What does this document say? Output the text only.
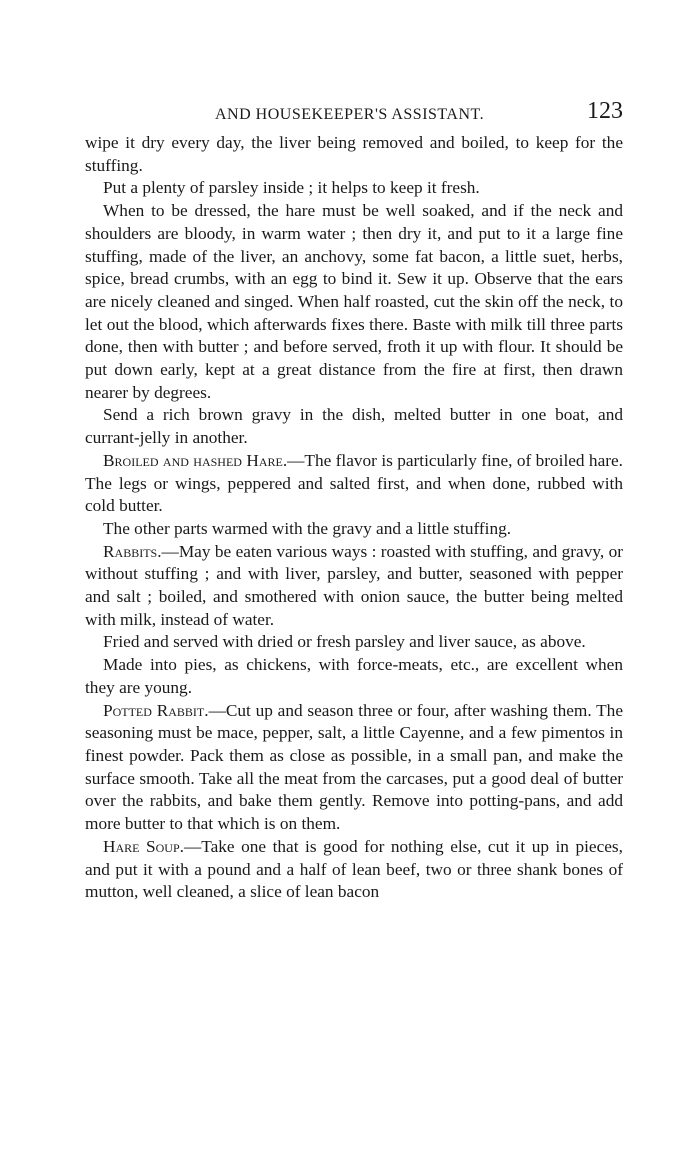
AND HOUSEKEEPER'S ASSISTANT.	123

wipe it dry every day, the liver being removed and boiled, to keep for the stuffing.

Put a plenty of parsley inside ; it helps to keep it fresh.

When to be dressed, the hare must be well soaked, and if the neck and shoulders are bloody, in warm water ; then dry it, and put to it a large fine stuffing, made of the liver, an anchovy, some fat bacon, a little suet, herbs, spice, bread crumbs, with an egg to bind it. Sew it up. Observe that the ears are nicely cleaned and singed. When half roasted, cut the skin off the neck, to let out the blood, which afterwards fixes there. Baste with milk till three parts done, then with butter ; and before served, froth it up with flour. It should be put down early, kept at a great distance from the fire at first, then drawn nearer by degrees.

Send a rich brown gravy in the dish, melted butter in one boat, and currant-jelly in another.

Broiled and hashed Hare.—The flavor is particularly fine, of broiled hare. The legs or wings, peppered and salted first, and when done, rubbed with cold butter.

The other parts warmed with the gravy and a little stuffing.

Rabbits.—May be eaten various ways : roasted with stuffing, and gravy, or without stuffing ; and with liver, parsley, and butter, seasoned with pepper and salt ; boiled, and smothered with onion sauce, the butter being melted with milk, instead of water.

Fried and served with dried or fresh parsley and liver sauce, as above.

Made into pies, as chickens, with force-meats, etc., are excellent when they are young.

Potted Rabbit.—Cut up and season three or four, after washing them. The seasoning must be mace, pepper, salt, a little Cayenne, and a few pimentos in finest powder. Pack them as close as possible, in a small pan, and make the surface smooth. Take all the meat from the carcases, put a good deal of butter over the rabbits, and bake them gently. Remove into potting-pans, and add more butter to that which is on them.

Hare Soup.—Take one that is good for nothing else, cut it up in pieces, and put it with a pound and a half of lean beef, two or three shank bones of mutton, well cleaned, a slice of lean bacon
